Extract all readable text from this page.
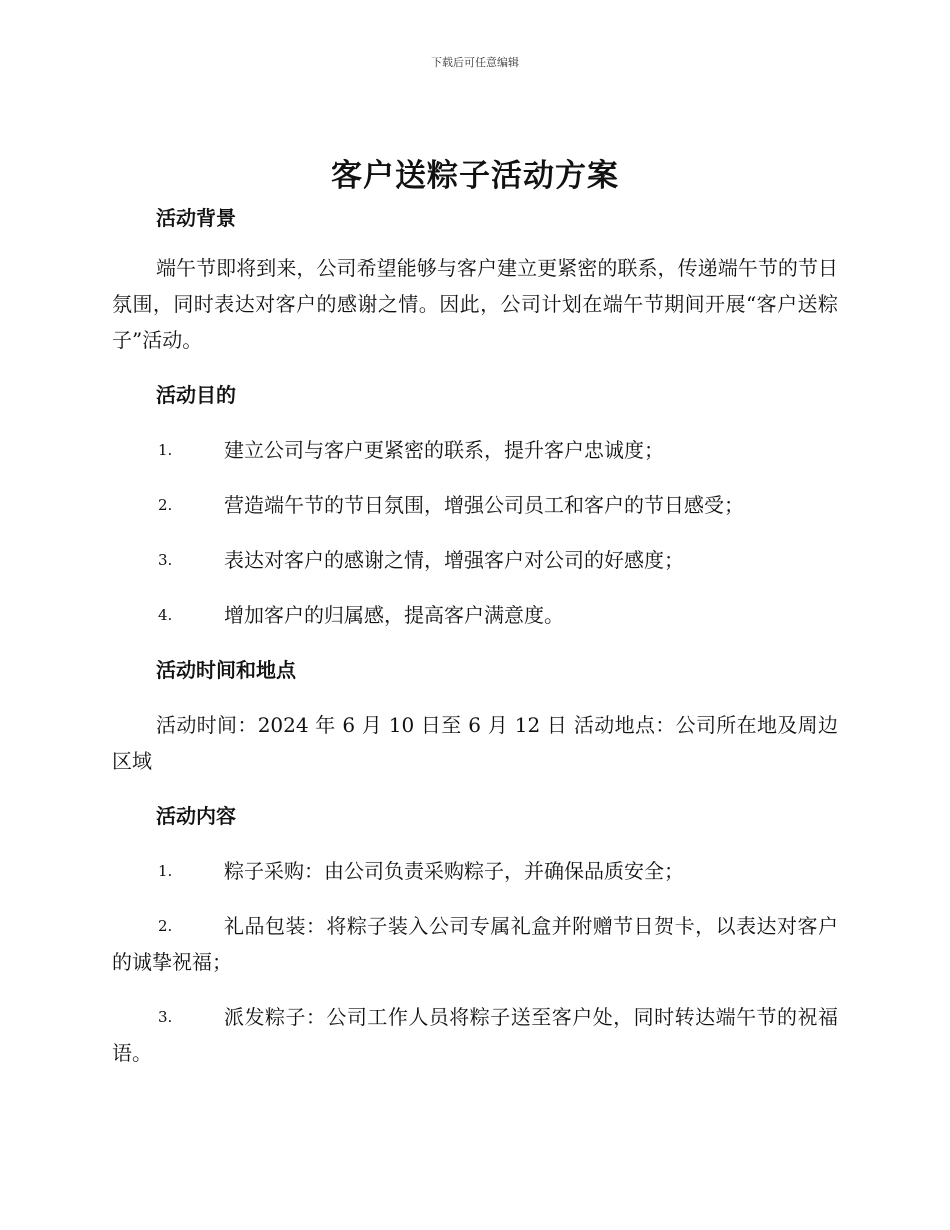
下载后可任意编辑
客户送粽子活动方案
活动背景

端午节即将到来，公司希望能够与客户建立更紧密的联系，传递端午节的节日氛围，同时表达对客户的感谢之情。因此，公司计划在端午节期间开展“客户送粽子”活动。

活动目的
1.	建立公司与客户更紧密的联系，提升客户忠诚度；
2.	营造端午节的节日氛围，增强公司员工和客户的节日感受；
3.	表达对客户的感谢之情，增强客户对公司的好感度；
4.	增加客户的归属感，提高客户满意度。
活动时间和地点

活动时间：2024 年 6 月 10 日至 6 月 12 日 活动地点：公司所在地及周边区域

活动内容
1.	粽子采购：由公司负责采购粽子，并确保品质安全；
2.	礼品包装：将粽子装入公司专属礼盒并附赠节日贺卡，以表达对客户的诚挚祝福；
3.	派发粽子：公司工作人员将粽子送至客户处，同时转达端午节的祝福语。
